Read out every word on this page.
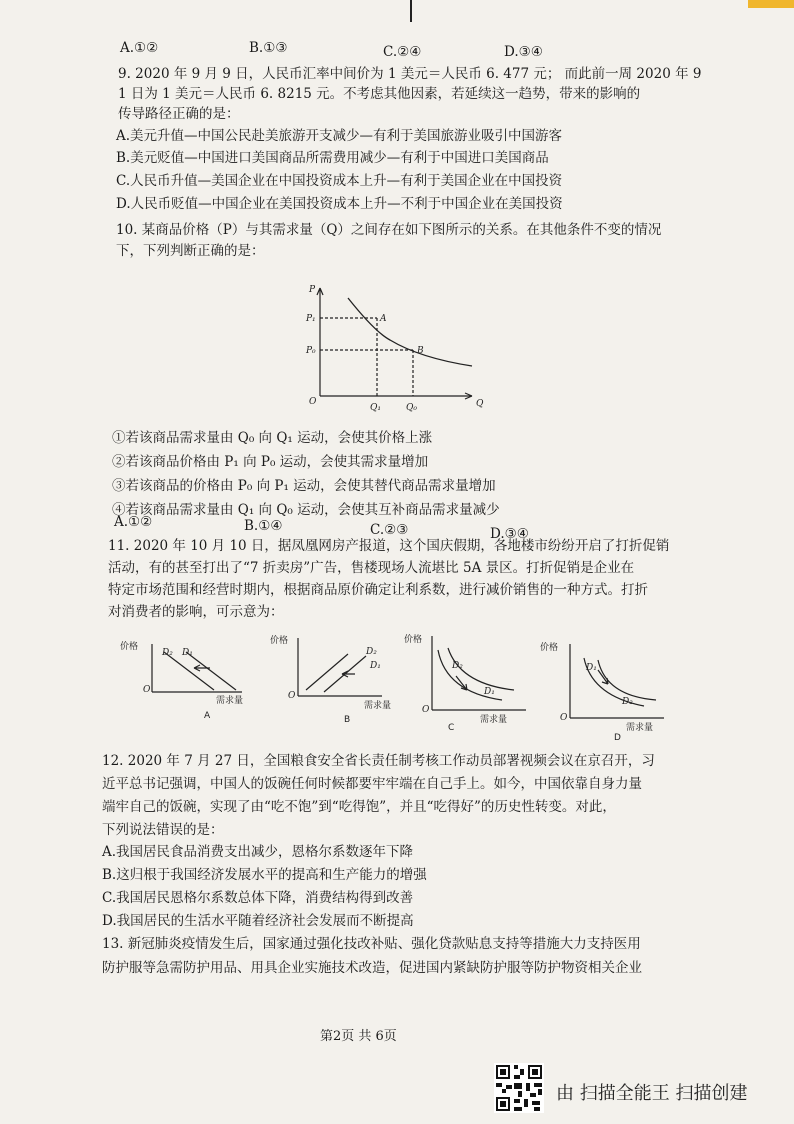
A.①②	B.①③	C.②④	D.③④
9. 2020 年 9 月 9 日，人民币汇率中间价为 1 美元＝人民币 6. 477 元； 而此前一周 2020 年 9
1 日为 1 美元＝人民币 6. 8215 元。不考虑其他因素，若延续这一趋势，带来的影响的
传导路径正确的是：
A.美元升值—中国公民赴美旅游开支减少—有利于美国旅游业吸引中国游客
B.美元贬值—中国进口美国商品所需费用减少—有利于中国进口美国商品
C.人民币升值—美国企业在中国投资成本上升—有利于美国企业在中国投资
D.人民币贬值—中国企业在美国投资成本上升—不利于中国企业在美国投资
10. 某商品价格（P）与其需求量（Q）之间存在如下图所示的关系。在其他条件不变的情况
下，下列判断正确的是：
P
Q
O
P₁
P₀
Q₁	Q₀
A
B
①若该商品需求量由 Q₀ 向 Q₁ 运动，会使其价格上涨
②若该商品价格由 P₁ 向 P₀ 运动，会使其需求量增加
③若该商品的价格由 P₀ 向 P₁ 运动，会使其替代商品需求量增加
④若该商品需求量由 Q₁ 向 Q₀ 运动，会使其互补商品需求量减少
A.①②	B.①④	C.②③	D.③④
11. 2020 年 10 月 10 日，据凤凰网房产报道，这个国庆假期，各地楼市纷纷开启了打折促销
活动，有的甚至打出了“7 折卖房”广告，售楼现场人流堪比 5A 景区。打折促销是企业在
特定市场范围和经营时期内，根据商品原价确定让利系数，进行减价销售的一种方式。打折
对消费者的影响，可示意为：
价格
D₂ D₁
O
需求量
A
价格
D₂
D₁
O
需求量
B
价格
D₂
D₁
O
需求量
C
价格
D₁
D₂
O
需求量
D
12. 2020 年 7 月 27 日，全国粮食安全省长责任制考核工作动员部署视频会议在京召开，习
近平总书记强调，中国人的饭碗任何时候都要牢牢端在自己手上。如今，中国依靠自身力量
端牢自己的饭碗，实现了由“吃不饱”到“吃得饱”，并且“吃得好”的历史性转变。对此，
下列说法错误的是：
A.我国居民食品消费支出减少，恩格尔系数逐年下降
B.这归根于我国经济发展水平的提高和生产能力的增强
C.我国居民恩格尔系数总体下降，消费结构得到改善
D.我国居民的生活水平随着经济社会发展而不断提高
13. 新冠肺炎疫情发生后，国家通过强化技改补贴、强化贷款贴息支持等措施大力支持医用
防护服等急需防护用品、用具企业实施技术改造，促进国内紧缺防护服等防护物资相关企业
第2页 共 6页
由 扫描全能王 扫描创建
